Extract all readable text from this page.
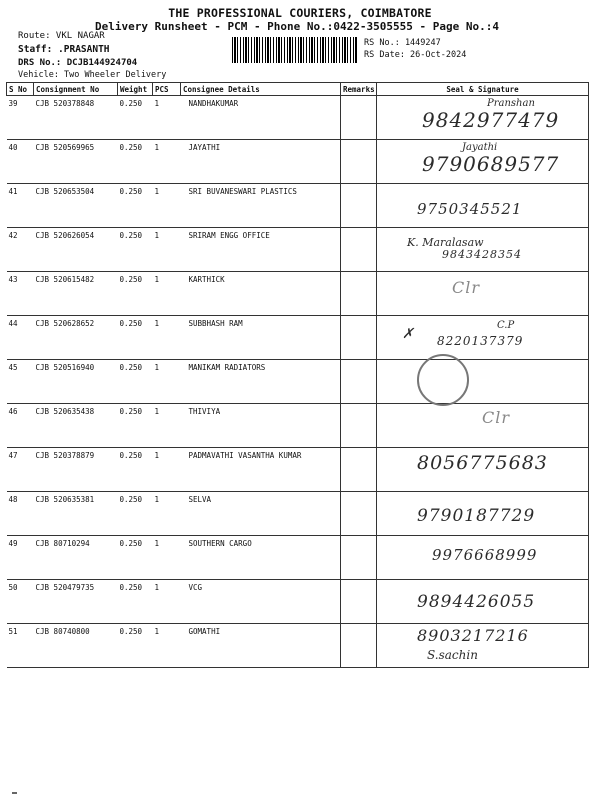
THE PROFESSIONAL COURIERS, COIMBATORE
Delivery Runsheet - PCM - Phone No.:0422-3505555 - Page No.:4
Route: VKL NAGAR
Staff: .PRASANTH
DRS No.: DCJB144924704
Vehicle: Two Wheeler Delivery
RS No.: 1449247
RS Date: 26-Oct-2024
S No	Consignment No	Weight	PCS	Consignee Details	Remarks	Seal & Signature
39	CJB 520378848	0.250	1	NANDHAKUMAR		Pranshan
9842977479

40	CJB 520569965	0.250	1	JAYATHI		Jayathi
9790689577

41	CJB 520653504	0.250	1	SRI BUVANESWARI PLASTICS		9750345521

42	CJB 520626054	0.250	1	SRIRAM ENGG OFFICE		K. Maralasaw
9843428354

43	CJB 520615482	0.250	1	KARTHICK		Clr

44	CJB 520628652	0.250	1	SUBBHASH RAM		C.P
8220137379
✗

45	CJB 520516940	0.250	1	MANIKAM RADIATORS		

46	CJB 520635438	0.250	1	THIVIYA		Clr

47	CJB 520378879	0.250	1	PADMAVATHI VASANTHA KUMAR		8056775683

48	CJB 520635381	0.250	1	SELVA		9790187729

49	CJB 80710294	0.250	1	SOUTHERN CARGO		9976668999

50	CJB 520479735	0.250	1	VCG		9894426055

51	CJB 80740800	0.250	1	GOMATHI		S.sachin
8903217216
